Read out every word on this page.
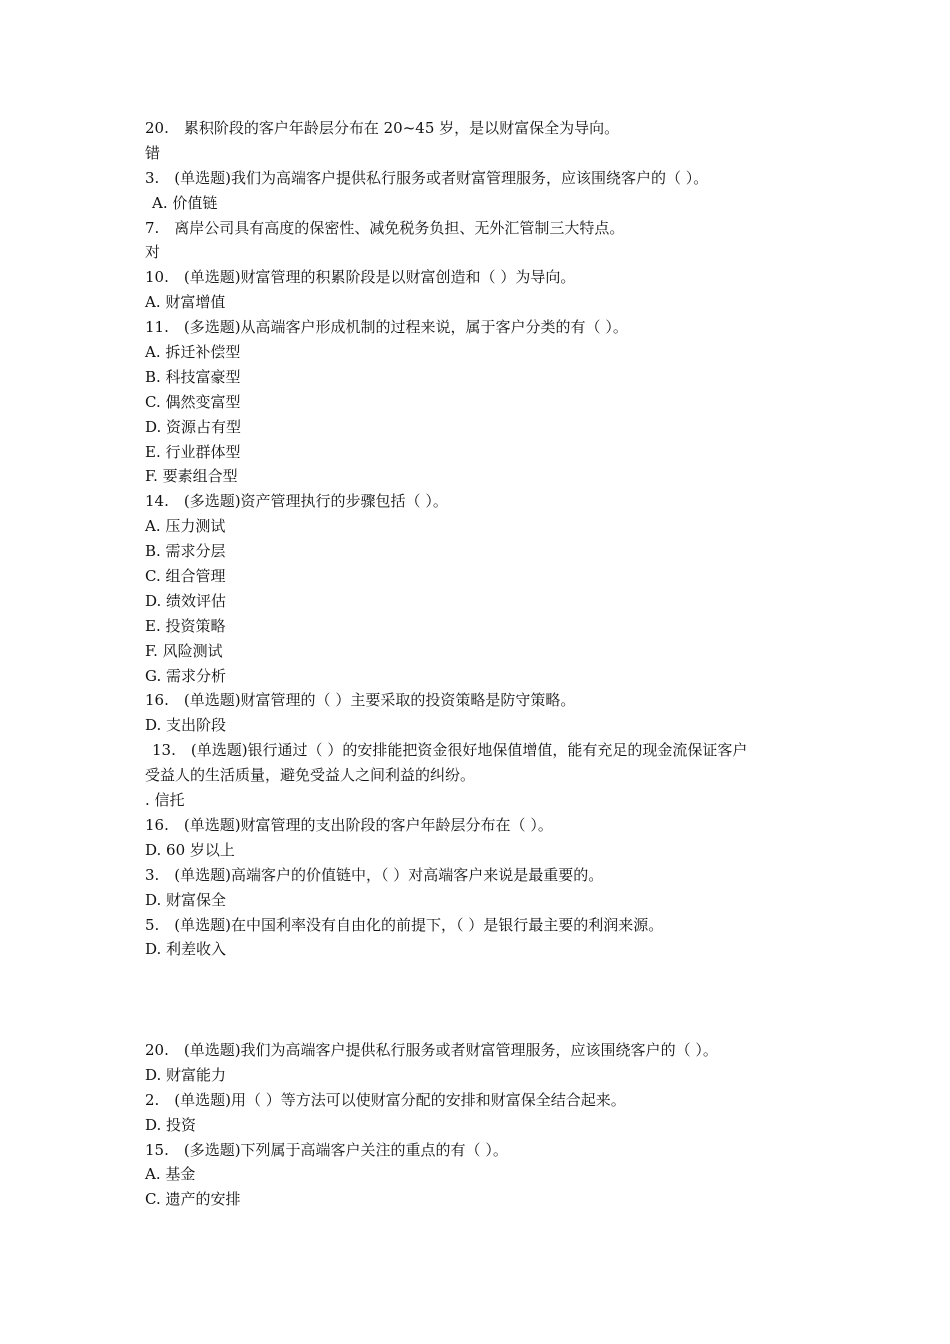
20.　累积阶段的客户年龄层分布在 20~45 岁，是以财富保全为导向。
错
3.　(单选题)我们为高端客户提供私行服务或者财富管理服务，应该围绕客户的（ ）。
A. 价值链
7.　离岸公司具有高度的保密性、减免税务负担、无外汇管制三大特点。
对
10.　(单选题)财富管理的积累阶段是以财富创造和（ ）为导向。
A. 财富增值
11.　(多选题)从高端客户形成机制的过程来说，属于客户分类的有（ ）。
A. 拆迁补偿型
B. 科技富豪型
C. 偶然变富型
D. 资源占有型
E. 行业群体型
F. 要素组合型
14.　(多选题)资产管理执行的步骤包括（ ）。
A. 压力测试
B. 需求分层
C. 组合管理
D. 绩效评估
E. 投资策略
F. 风险测试
G. 需求分析
16.　(单选题)财富管理的（ ）主要采取的投资策略是防守策略。
D. 支出阶段
13.　(单选题)银行通过（ ）的安排能把资金很好地保值增值，能有充足的现金流保证客户
受益人的生活质量，避免受益人之间利益的纠纷。
. 信托
16.　(单选题)财富管理的支出阶段的客户年龄层分布在（ ）。
D. 60 岁以上
3.　(单选题)高端客户的价值链中，（ ）对高端客户来说是最重要的。
D. 财富保全
5.　(单选题)在中国利率没有自由化的前提下，（ ）是银行最主要的利润来源。
D. 利差收入
20.　(单选题)我们为高端客户提供私行服务或者财富管理服务，应该围绕客户的（ ）。
D. 财富能力
2.　(单选题)用（ ）等方法可以使财富分配的安排和财富保全结合起来。
D. 投资
15.　(多选题)下列属于高端客户关注的重点的有（ ）。
A. 基金
C. 遗产的安排
